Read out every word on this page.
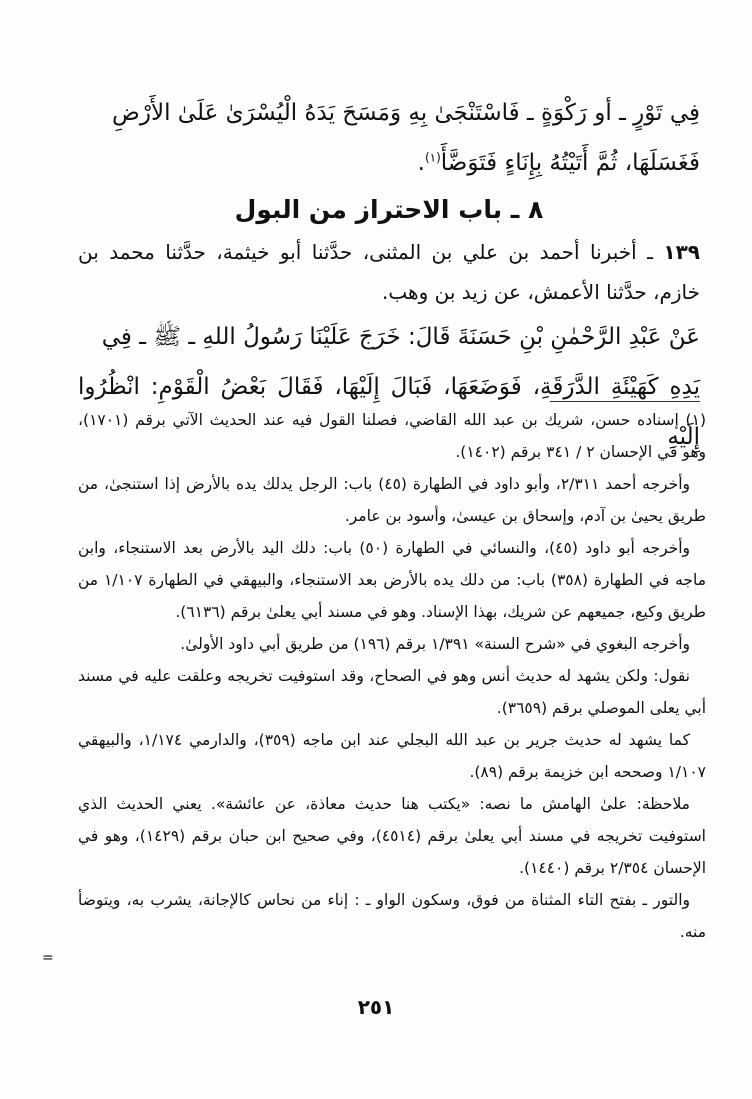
فِي تَوْرٍ ـ أو رَكْوَةٍ ـ فَاسْتَنْجَىٰ بِهِ وَمَسَحَ يَدَهُ الْيُسْرَىٰ عَلَىٰ الأَرْضِ

فَغَسَلَهَا، ثُمَّ أَتَيْتُهُ بِإِنَاءٍ فَتَوَضَّأَ$^{(١)}$.

٨ ـ باب الاحتراز من البول

١٣٩ ـ أخبرنا أحمد بن علي بن المثنى، حدَّثنا أبو خيثمة، حدَّثنا محمد بن خازم، حدَّثنا الأعمش، عن زيد بن وهب.

عَنْ عَبْدِ الرَّحْمٰنِ بْنِ حَسَنَةَ قَالَ: خَرَجَ عَلَيْنَا رَسُولُ اللهِ ـ ﷺ ـ فِي

يَدِهِ كَهَيْئَةِ الدَّرَقَةِ، فَوَضَعَهَا، فَبَالَ إِلَيْهَا، فَقَالَ بَعْضُ الْقَوْمِ: انْظُرُوا إِلَيْهِ

(١) إسناده حسن، شريك بن عبد الله القاضي، فصلنا القول فيه عند الحديث الآتي برقم (١٧٠١)، وهو في الإحسان ٢ / ٣٤١ برقم (١٤٠٢).

وأخرجه أحمد ٢/٣١١، وأبو داود في الطهارة (٤٥) باب: الرجل يدلك يده بالأرض إذا استنجىٰ، من طريق يحيىٰ بن آدم، وإسحاق بن عيسىٰ، وأسود بن عامر.

وأخرجه أبو داود (٤٥)، والنسائي في الطهارة (٥٠) باب: دلك اليد بالأرض بعد الاستنجاء، وابن ماجه في الطهارة (٣٥٨) باب: من دلك يده بالأرض بعد الاستنجاء، والبيهقي في الطهارة ١/١٠٧ من طريق وكيع، جميعهم عن شريك، بهذا الإسناد. وهو في مسند أبي يعلىٰ برقم (٦١٣٦).

وأخرجه البغوي في «شرح السنة» ١/٣٩١ برقم (١٩٦) من طريق أبي داود الأولىٰ.

نقول: ولكن يشهد له حديث أنس وهو في الصحاح، وقد استوفيت تخريجه وعلقت عليه في مسند أبي يعلى الموصلي برقم (٣٦٥٩).

كما يشهد له حديث جرير بن عبد الله البجلي عند ابن ماجه (٣٥٩)، والدارمي ١/١٧٤، والبيهقي ١/١٠٧ وصححه ابن خزيمة برقم (٨٩).

ملاحظة: علىٰ الهامش ما نصه: «يكتب هنا حديث معاذة، عن عائشة». يعني الحديث الذي استوفيت تخريجه في مسند أبي يعلىٰ برقم (٤٥١٤)، وفي صحيح ابن حبان برقم (١٤٢٩)، وهو في الإحسان ٢/٣٥٤ برقم (١٤٤٠).

والتور ـ بفتح التاء المثناة من فوق، وسكون الواو ـ : إناء من نحاس كالإجانة، يشرب به، ويتوضأ منه.

=
٢٥١
